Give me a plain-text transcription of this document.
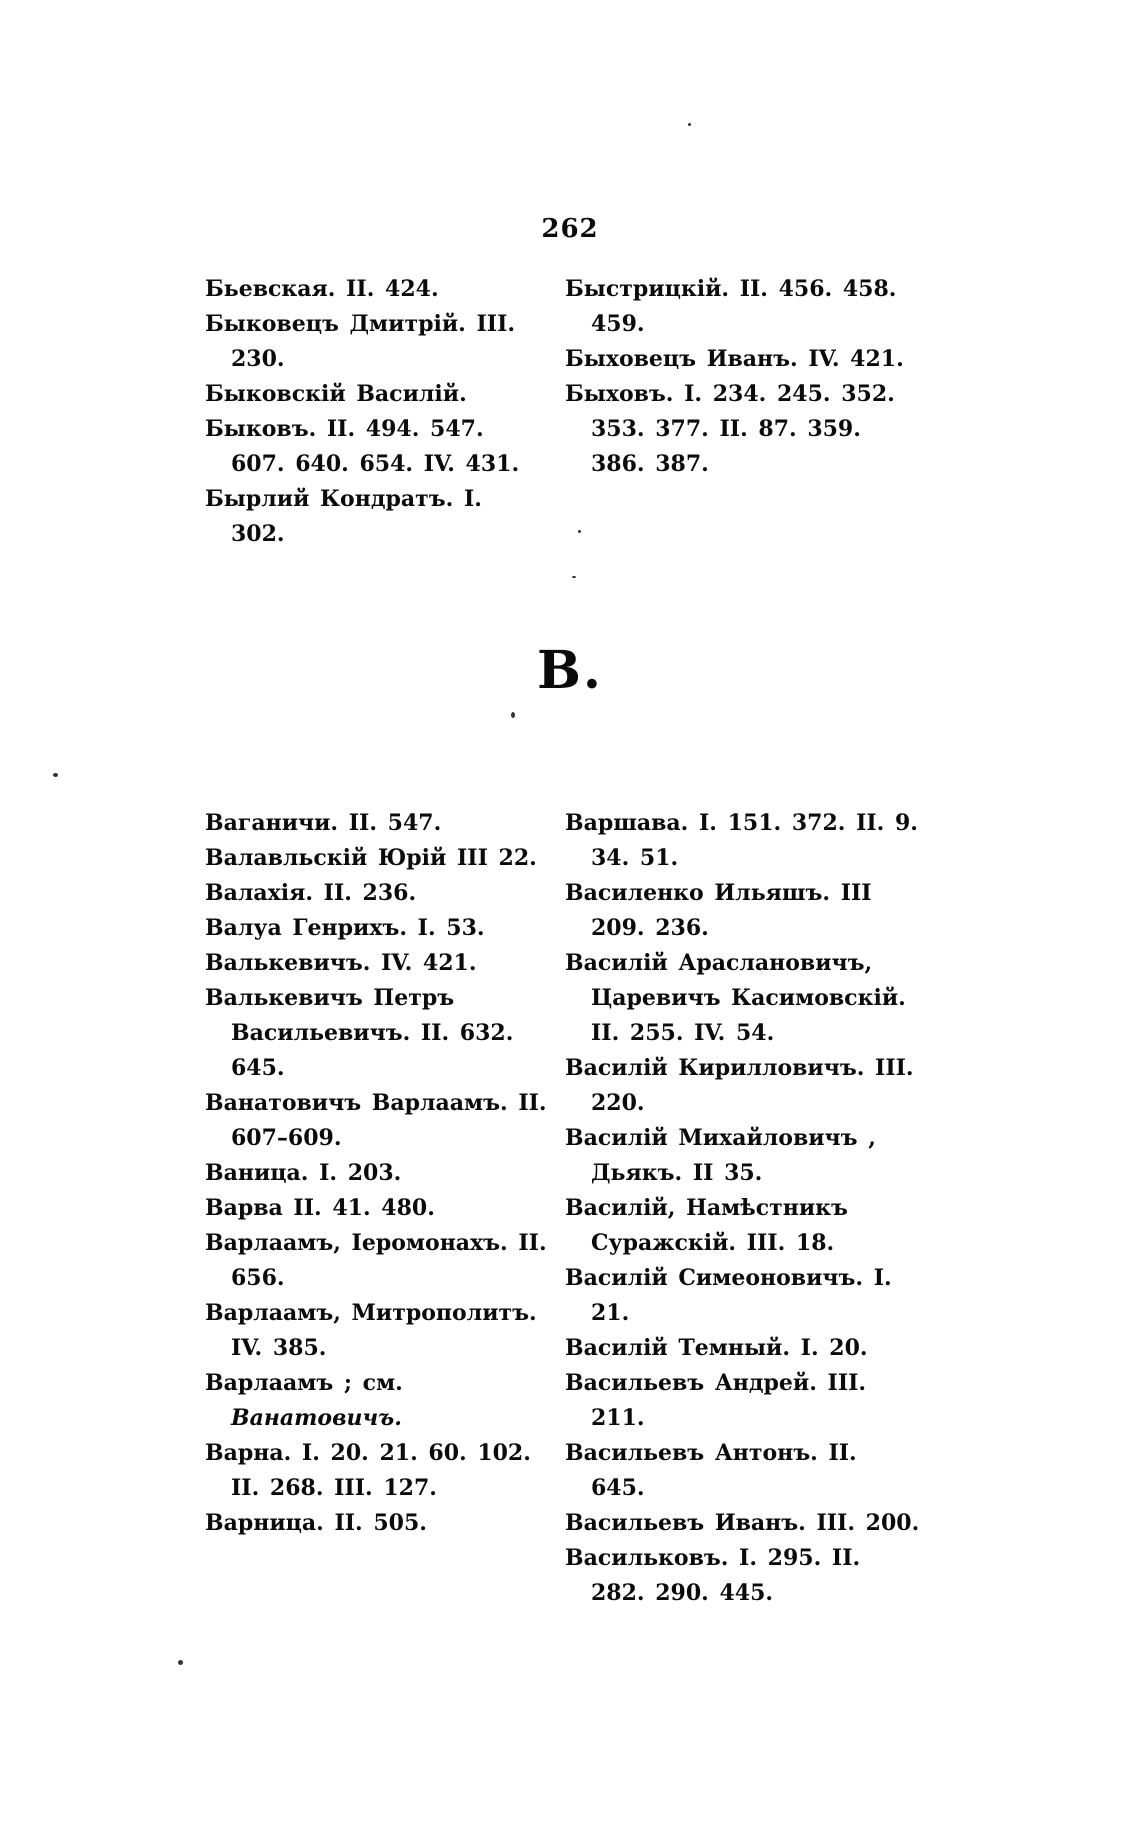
262
Бьевская. II. 424.
Быковецъ Дмитрій. III. 230.
Быковскій Василій.
Быковъ. II. 494. 547. 607. 640. 654. IV. 431.
Бырлий Кондратъ. I. 302.
Быстрицкій. II. 456. 458. 459.
Быховецъ Иванъ. IV. 421.
Быховъ. I. 234. 245. 352. 353. 377. II. 87. 359. 386. 387.
В.
Ваганичи. II. 547.
Валавльскій Юрій III 22.
Валахія. II. 236.
Валуа Генрихъ. I. 53.
Валькевичъ. IV. 421.
Валькевичъ Петръ Васильевичъ. II. 632. 645.
Ванатовичъ Варлаамъ. II. 607–609.
Ваница. I. 203.
Варва II. 41. 480.
Варлаамъ, Іеромонахъ. II. 656.
Варлаамъ, Митрополитъ. IV. 385.
Варлаамъ ; см. Ванатовичъ.
Варна. I. 20. 21. 60. 102. II. 268. III. 127.
Варница. II. 505.
Варшава. I. 151. 372. II. 9. 34. 51.
Василенко Ильяшъ. III 209. 236.
Василій Араслановичъ, Царевичъ Касимовскій. II. 255. IV. 54.
Василій Кирилловичъ. III. 220.
Василій Михайловичъ , Дьякъ. II 35.
Василій, Намѣстникъ Суражскій. III. 18.
Василій Симеоновичъ. I. 21.
Василій Темный. I. 20.
Васильевъ Андрей. III. 211.
Васильевъ Антонъ. II. 645.
Васильевъ Иванъ. III. 200.
Васильковъ. I. 295. II. 282. 290. 445.
